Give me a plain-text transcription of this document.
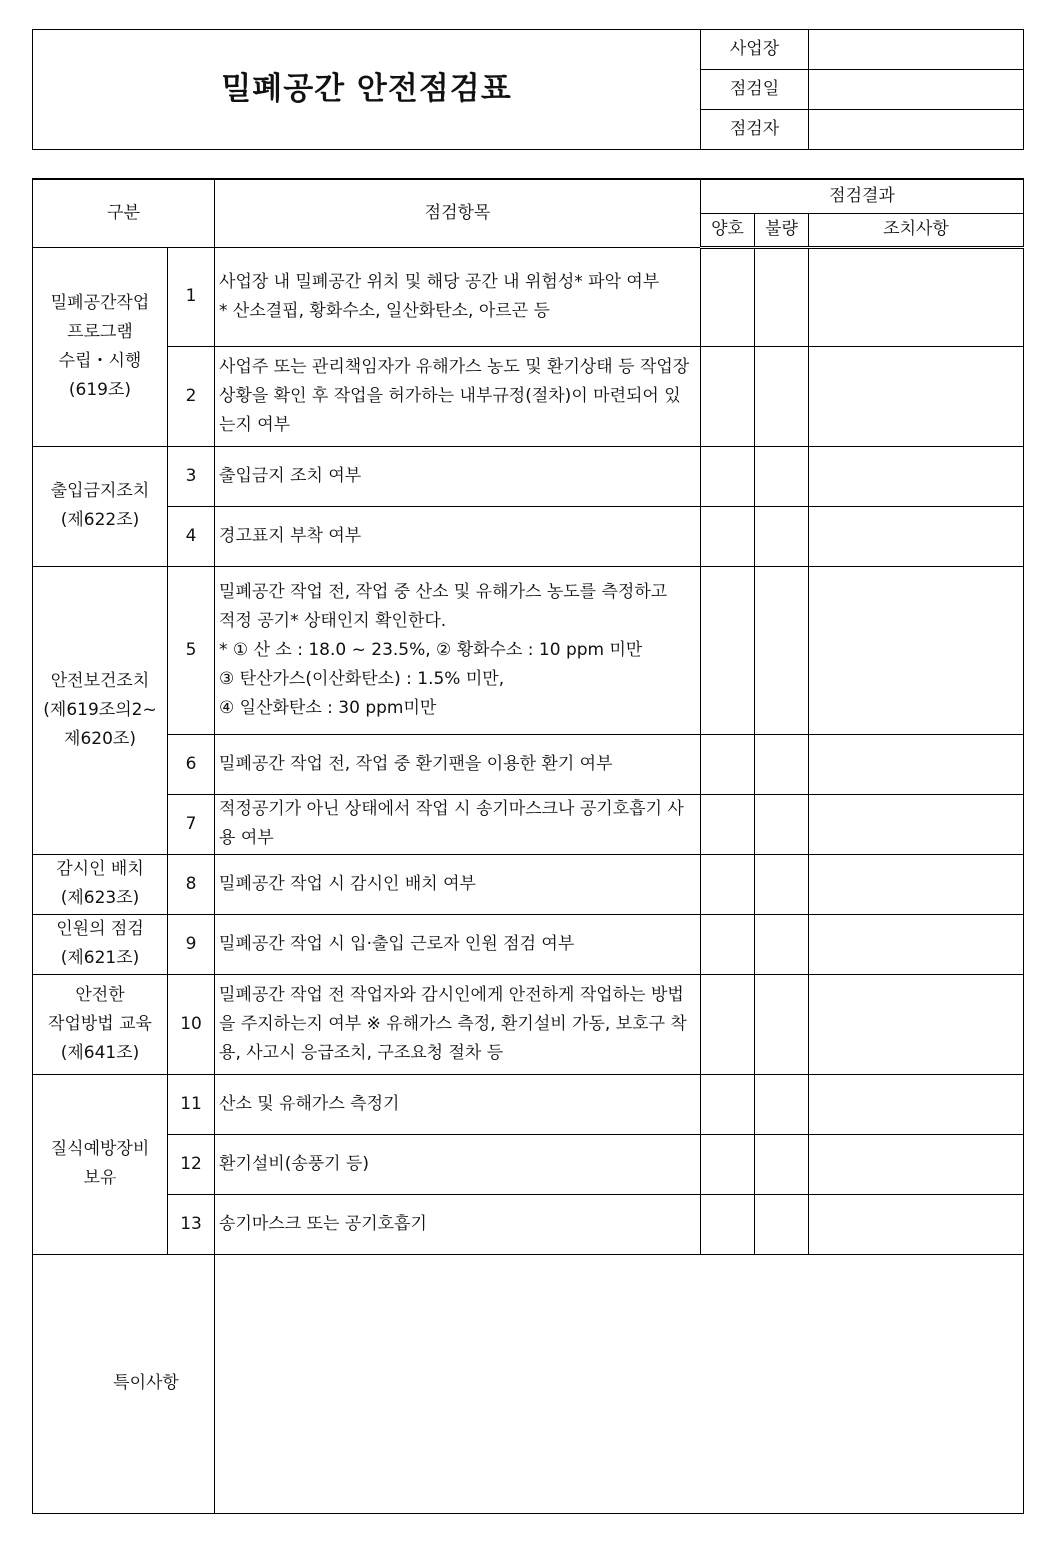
밀폐공간 안전점검표	사업장	
	점검일	
	점검자	
구분		점검항목	점검결과		
			양호	불량	조치사항
밀폐공간작업
프로그램
수립・시행
(619조)	1	사업장 내 밀폐공간 위치 및 해당 공간 내 위험성* 파악 여부
* 산소결핍, 황화수소, 일산화탄소, 아르곤 등			
	2	사업주 또는 관리책임자가 유해가스 농도 및 환기상태 등 작업장 상황을 확인 후 작업을 허가하는 내부규정(절차)이 마련되어 있는지 여부			
출입금지조치
(제622조)	3	출입금지 조치 여부			
	4	경고표지 부착 여부			
안전보건조치
(제619조의2~
제620조)	5	밀폐공간 작업 전, 작업 중 산소 및 유해가스 농도를 측정하고
적정 공기* 상태인지 확인한다.
* ① 산 소 : 18.0 ~ 23.5%, ② 황화수소 : 10 ppm 미만
③ 탄산가스(이산화탄소) : 1.5% 미만,
④ 일산화탄소 : 30 ppm미만			
	6	밀폐공간 작업 전, 작업 중 환기팬을 이용한 환기 여부			
	7	적정공기가 아닌 상태에서 작업 시 송기마스크나 공기호흡기 사용 여부			
감시인 배치
(제623조)	8	밀폐공간 작업 시 감시인 배치 여부			
인원의 점검
(제621조)	9	밀폐공간 작업 시 입·출입 근로자 인원 점검 여부			
안전한
작업방법 교육
(제641조)	10	밀폐공간 작업 전 작업자와 감시인에게 안전하게 작업하는 방법을 주지하는지 여부 ※ 유해가스 측정, 환기설비 가동, 보호구 착용, 사고시 응급조치, 구조요청 절차 등			
질식예방장비
보유	11	산소 및 유해가스 측정기			
	12	환기설비(송풍기 등)			
	13	송기마스크 또는 공기호흡기			
특이사항					
